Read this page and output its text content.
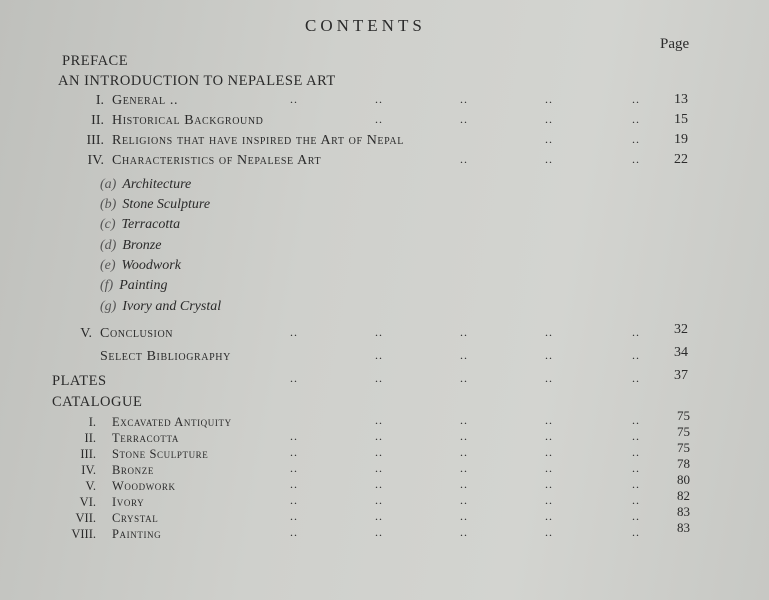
CONTENTS
Page
PREFACE
AN INTRODUCTION TO NEPALESE ART
I. General ..	13
II. Historical Background	15
III. Religions that have inspired the Art of Nepal	19
IV. Characteristics of Nepalese Art	22
(a) Architecture
(b) Stone Sculpture
(c) Terracotta
(d) Bronze
(e) Woodwork
(f) Painting
(g) Ivory and Crystal
V. Conclusion	32
Select Bibliography	34
PLATES	37
CATALOGUE
I. Excavated Antiquity	75
II. Terracotta	75
III. Stone Sculpture	75
IV. Bronze	78
V. Woodwork	80
VI. Ivory	82
VII. Crystal	83
VIII. Painting	83
..	..	..	..	..
..	..	..	..
..	..
..	..	..
..	..	..	..	..
..	..	..	..
..	..	..	..	..
..	..	..	..
..	..	..	..	..
..	..	..	..	..
..	..	..	..	..
..	..	..	..	..
..	..	..	..	..
..	..	..	..	..
..	..	..	..	..
